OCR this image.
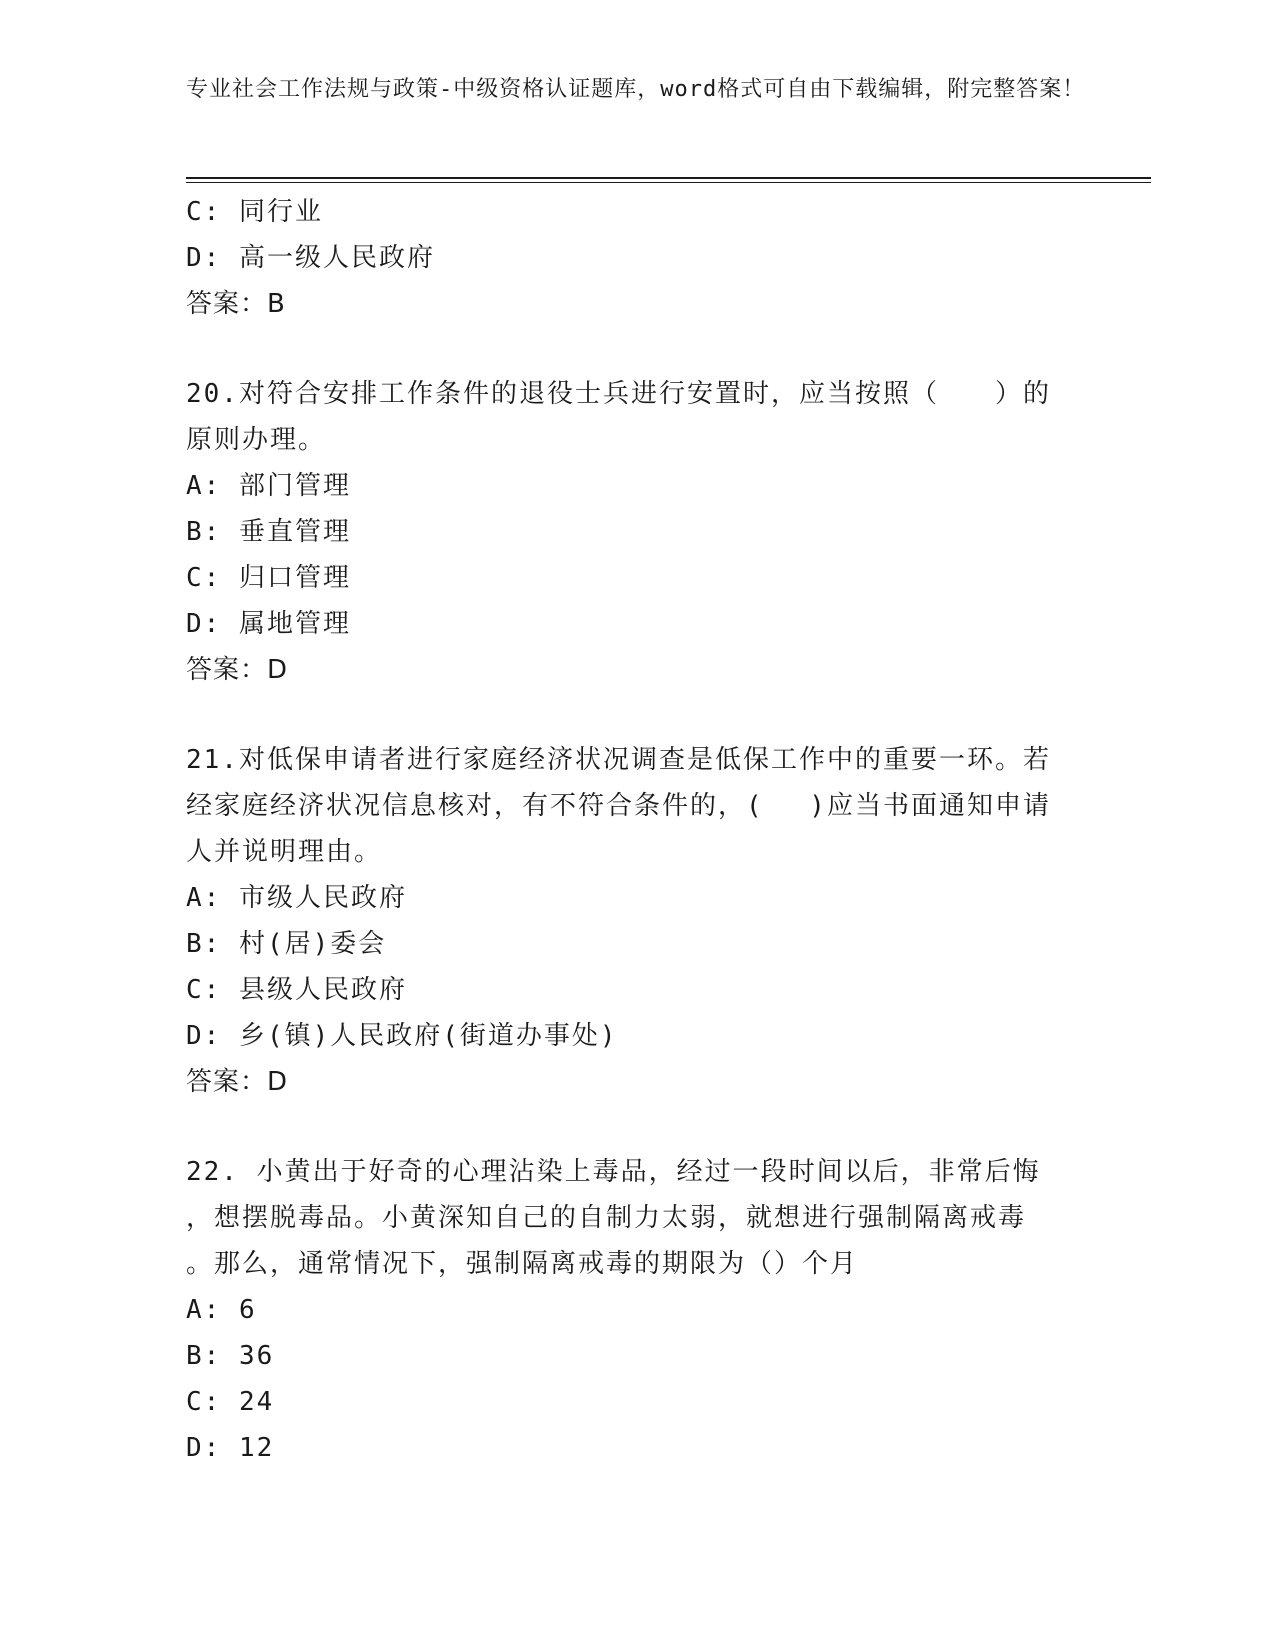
专业社会工作法规与政策-中级资格认证题库，word格式可自由下载编辑，附完整答案！
C: 同行业
D: 高一级人民政府
答案：B
20.对符合安排工作条件的退役士兵进行安置时，应当按照（　　）的
原则办理。
A: 部门管理
B: 垂直管理
C: 归口管理
D: 属地管理
答案：D
21.对低保申请者进行家庭经济状况调查是低保工作中的重要一环。若
经家庭经济状况信息核对，有不符合条件的，(　 )应当书面通知申请
人并说明理由。
A: 市级人民政府
B: 村(居)委会
C: 县级人民政府
D: 乡(镇)人民政府(街道办事处)
答案：D
22. 小黄出于好奇的心理沾染上毒品，经过一段时间以后，非常后悔
，想摆脱毒品。小黄深知自己的自制力太弱，就想进行强制隔离戒毒
。那么，通常情况下，强制隔离戒毒的期限为（）个月
A: 6
B: 36
C: 24
D: 12
